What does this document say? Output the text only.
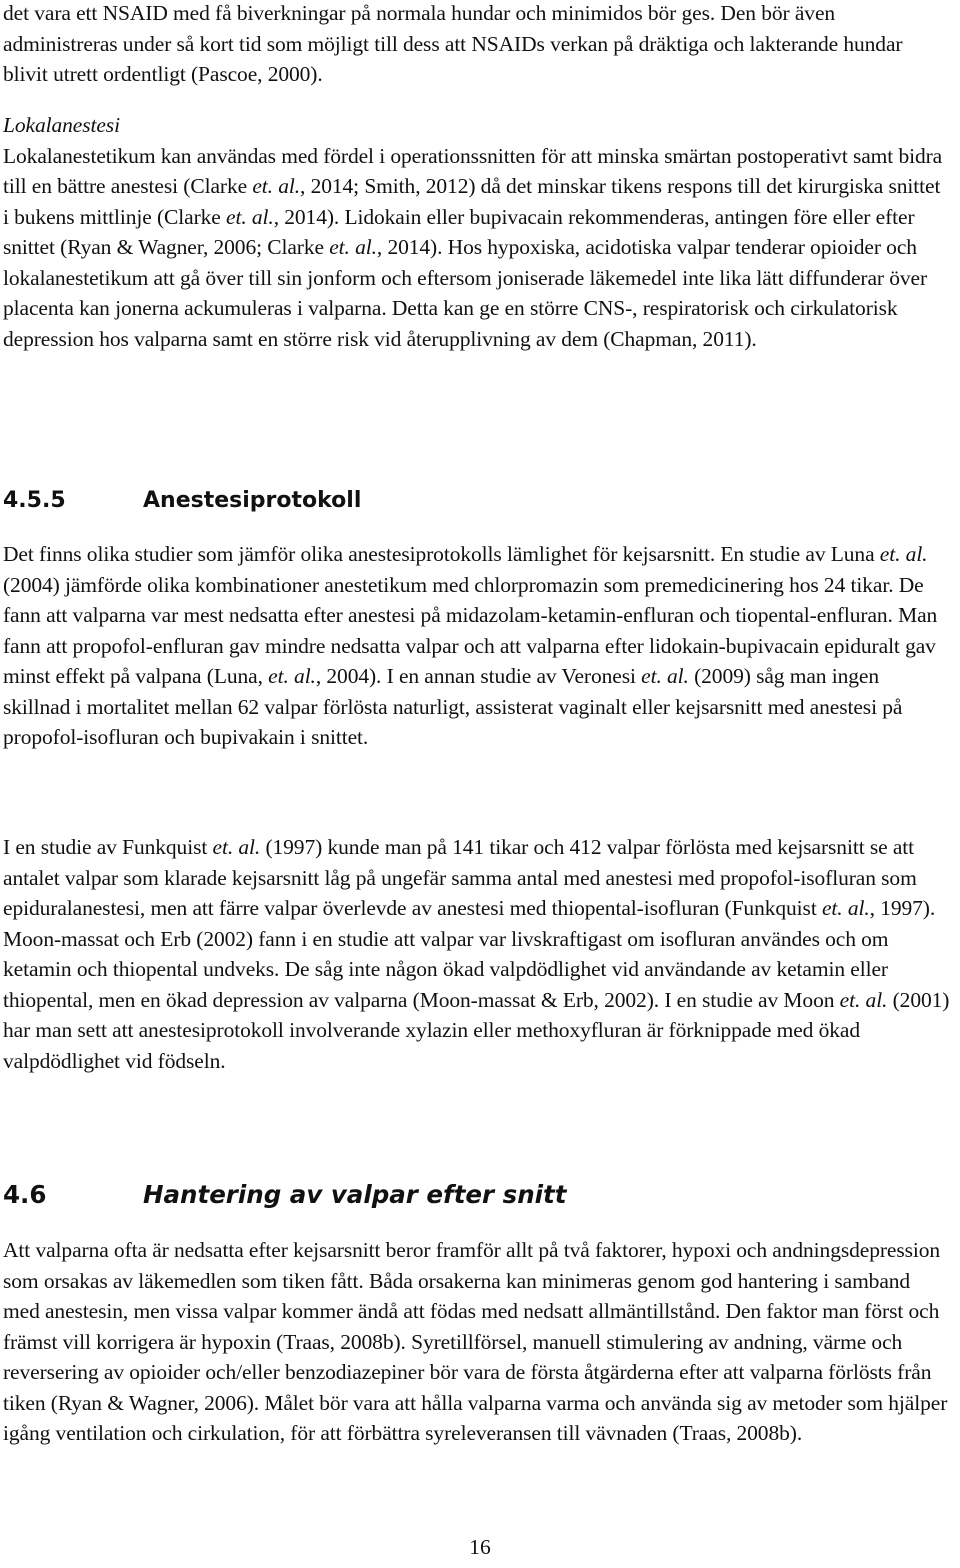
det vara ett NSAID med få biverkningar på normala hundar och minimidos bör ges. Den bör även administreras under så kort tid som möjligt till dess att NSAIDs verkan på dräktiga och lakterande hundar blivit utrett ordentligt (Pascoe, 2000).

Lokalanestesi

Lokalanestetikum kan användas med fördel i operationssnitten för att minska smärtan postoperativt samt bidra till en bättre anestesi (Clarke et. al., 2014; Smith, 2012) då det minskar tikens respons till det kirurgiska snittet i bukens mittlinje (Clarke et. al., 2014). Lidokain eller bupivacain rekommenderas, antingen före eller efter snittet (Ryan & Wagner, 2006; Clarke et. al., 2014). Hos hypoxiska, acidotiska valpar tenderar opioider och lokalanestetikum att gå över till sin jonform och eftersom joniserade läkemedel inte lika lätt diffunderar över placenta kan jonerna ackumuleras i valparna. Detta kan ge en större CNS-, respiratorisk och cirkulatorisk depression hos valparna samt en större risk vid återupplivning av dem (Chapman, 2011).

4.5.5	Anestesiprotokoll

Det finns olika studier som jämför olika anestesiprotokolls lämlighet för kejsarsnitt. En studie av Luna et. al. (2004) jämförde olika kombinationer anestetikum med chlorpromazin som premedicinering hos 24 tikar. De fann att valparna var mest nedsatta efter anestesi på midazolam-ketamin-enfluran och tiopental-enfluran. Man fann att propofol-enfluran gav mindre nedsatta valpar och att valparna efter lidokain-bupivacain epiduralt gav minst effekt på valpana (Luna, et. al., 2004). I en annan studie av Veronesi et. al. (2009) såg man ingen skillnad i mortalitet mellan 62 valpar förlösta naturligt, assisterat vaginalt eller kejsarsnitt med anestesi på propofol-isofluran och bupivakain i snittet.

I en studie av Funkquist et. al. (1997) kunde man på 141 tikar och 412 valpar förlösta med kejsarsnitt se att antalet valpar som klarade kejsarsnitt låg på ungefär samma antal med anestesi med propofol-isofluran som epiduralanestesi, men att färre valpar överlevde av anestesi med thiopental-isofluran (Funkquist et. al., 1997). Moon-massat och Erb (2002) fann i en studie att valpar var livskraftigast om isofluran användes och om ketamin och thiopental undveks. De såg inte någon ökad valpdödlighet vid användande av ketamin eller thiopental, men en ökad depression av valparna (Moon-massat & Erb, 2002). I en studie av Moon et. al. (2001) har man sett att anestesiprotokoll involverande xylazin eller methoxyfluran är förknippade med ökad valpdödlighet vid födseln.

4.6	Hantering av valpar efter snitt

Att valparna ofta är nedsatta efter kejsarsnitt beror framför allt på två faktorer, hypoxi och andningsdepression som orsakas av läkemedlen som tiken fått. Båda orsakerna kan minimeras genom god hantering i samband med anestesin, men vissa valpar kommer ändå att födas med nedsatt allmäntillstånd. Den faktor man först och främst vill korrigera är hypoxin (Traas, 2008b). Syretillförsel, manuell stimulering av andning, värme och reversering av opioider och/eller benzodiazepiner bör vara de första åtgärderna efter att valparna förlösts från tiken (Ryan & Wagner, 2006). Målet bör vara att hålla valparna varma och använda sig av metoder som hjälper igång ventilation och cirkulation, för att förbättra syreleveransen till vävnaden (Traas, 2008b).

16
